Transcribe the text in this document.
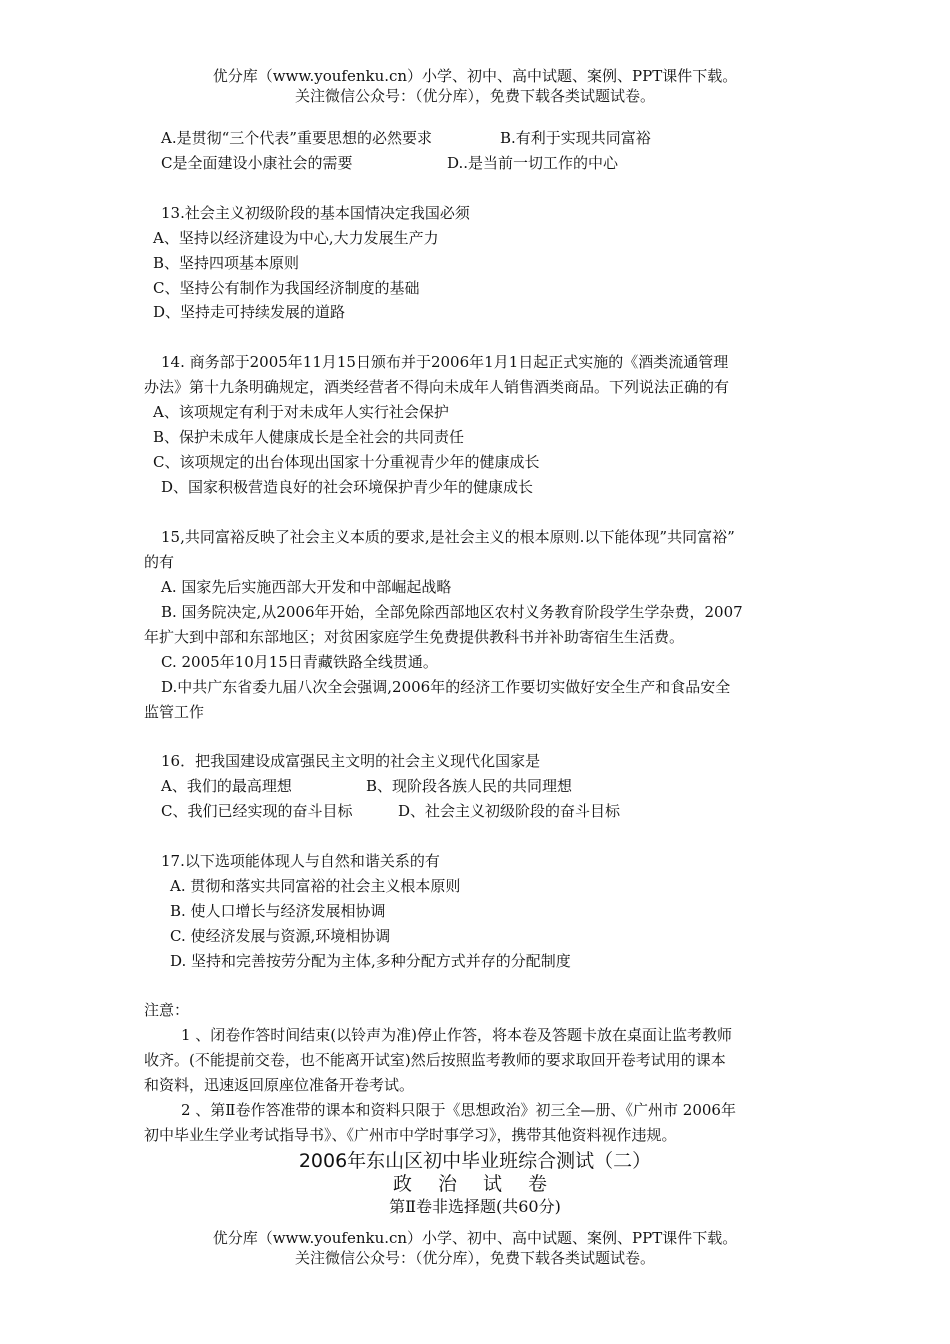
优分库（www.youfenku.cn）小学、初中、高中试题、案例、PPT课件下载。
关注微信公众号：（优分库），免费下载各类试题试卷。
A.是贯彻“三个代表”重要思想的必然要求	B.有利于实现共同富裕
C是全面建设小康社会的需要	D..是当前一切工作的中心
13.社会主义初级阶段的基本国情决定我国必须
A、坚持以经济建设为中心,大力发展生产力
B、坚持四项基本原则
C、坚持公有制作为我国经济制度的基础
D、坚持走可持续发展的道路
14. 商务部于2005年11月15日颁布并于2006年1月1日起正式实施的《酒类流通管理
办法》第十九条明确规定，酒类经营者不得向未成年人销售酒类商品。下列说法正确的有
A、该项规定有利于对未成年人实行社会保护
B、保护未成年人健康成长是全社会的共同责任
C、该项规定的出台体现出国家十分重视青少年的健康成长
D、国家积极营造良好的社会环境保护青少年的健康成长
15,共同富裕反映了社会主义本质的要求,是社会主义的根本原则.以下能体现”共同富裕”
的有
A. 国家先后实施西部大开发和中部崛起战略
B. 国务院决定,从2006年开始，全部免除西部地区农村义务教育阶段学生学杂费，2007
年扩大到中部和东部地区；对贫困家庭学生免费提供教科书并补助寄宿生生活费。
C. 2005年10月15日青藏铁路全线贯通。
D.中共广东省委九届八次全会强调,2006年的经济工作要切实做好安全生产和食品安全
监管工作
16．把我国建设成富强民主文明的社会主义现代化国家是
A、我们的最高理想	B、现阶段各族人民的共同理想
C、我们已经实现的奋斗目标	D、社会主义初级阶段的奋斗目标
17.以下选项能体现人与自然和谐关系的有
A. 贯彻和落实共同富裕的社会主义根本原则
B. 使人口增长与经济发展相协调
C. 使经济发展与资源,环境相协调
D. 坚持和完善按劳分配为主体,多种分配方式并存的分配制度
注意：
1 、闭卷作答时间结束(以铃声为准)停止作答，将本卷及答题卡放在桌面让监考教师
收齐。(不能提前交卷，也不能离开试室)然后按照监考教师的要求取回开卷考试用的课本
和资料，迅速返回原座位准备开卷考试。
2 、第Ⅱ卷作答准带的课本和资料只限于《思想政治》初三全—册、《广州市 2006年
初中毕业生学业考试指导书》、《广州市中学时事学习》，携带其他资料视作违规。
2006年东山区初中毕业班综合测试（二）
政 治 试 卷
第Ⅱ卷非选择题(共60分)
优分库（www.youfenku.cn）小学、初中、高中试题、案例、PPT课件下载。
关注微信公众号：（优分库），免费下载各类试题试卷。
